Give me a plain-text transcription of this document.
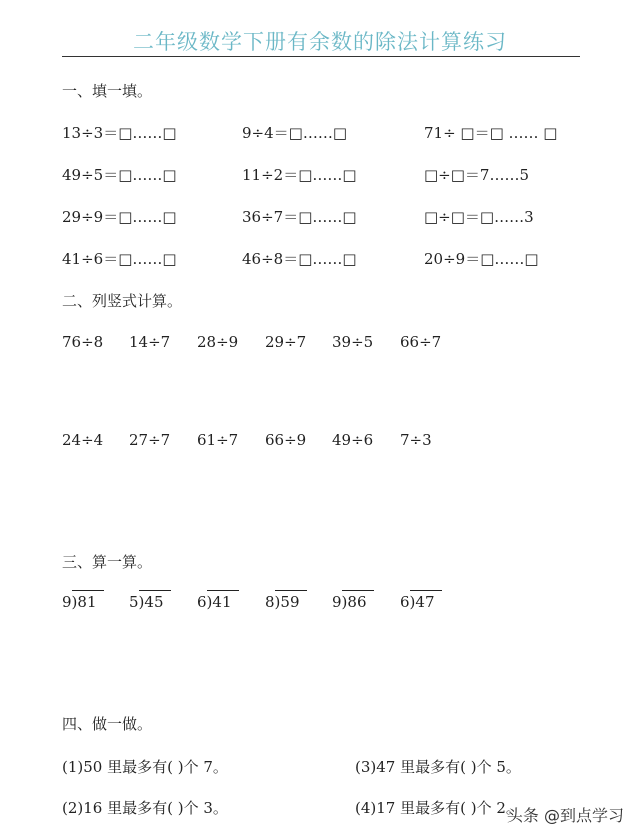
二年级数学下册有余数的除法计算练习
一、填一填。
13÷3＝□……□	9÷4＝□……□	71÷ □＝□ …… □
49÷5＝□……□	11÷2＝□……□	□÷□＝7……5
29÷9＝□……□	36÷7＝□……□	□÷□＝□……3
41÷6＝□……□	46÷8＝□……□	20÷9＝□……□
二、列竖式计算。
76÷8 14÷7 28÷9 29÷7 39÷5 66÷7
24÷4 27÷7 61÷7 66÷9 49÷6 7÷3
三、算一算。
9)81 5)45 6)41 8)59 9)86 6)47
四、做一做。
(1)50 里最多有( )个 7。	(3)47 里最多有( )个 5。
(2)16 里最多有( )个 3。	(4)17 里最多有( )个 2。
头条 @到点学习
